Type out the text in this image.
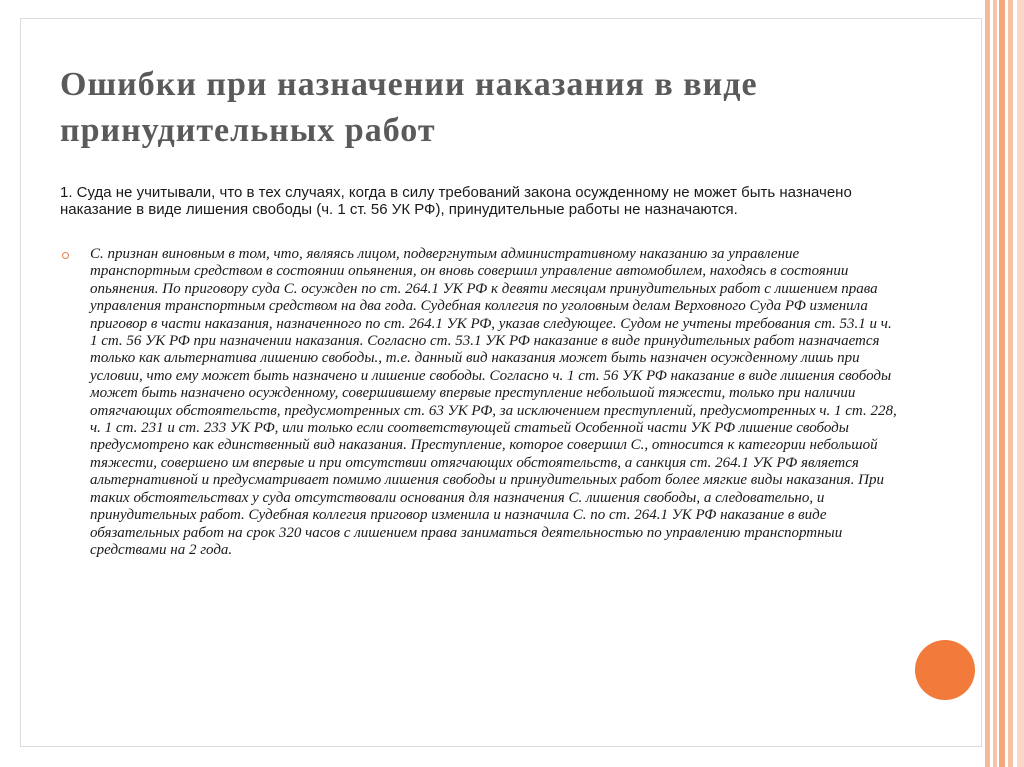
Ошибки при назначении наказания в виде принудительных работ

1. Суда не учитывали, что в тех случаях, когда в силу требований закона осужденному не может быть назначено наказание в виде лишения свободы (ч. 1 ст. 56 УК РФ), принудительные работы не назначаются.

С. признан виновным в том, что, являясь лицом, подвергнутым административному наказанию за управление транспортным средством в состоянии опьянения, он вновь совершил управление автомобилем, находясь в состоянии опьянения. По приговору суда С. осужден по ст. 264.1 УК РФ к девяти месяцам принудительных работ с лишением права управления транспортным средством на два года. Судебная коллегия по уголовным делам Верховного Суда РФ изменила приговор в части наказания, назначенного по ст. 264.1 УК РФ, указав следующее. Судом не учтены требования ст. 53.1 и ч. 1 ст. 56 УК РФ при назначении наказания. Согласно ст. 53.1 УК РФ наказание в виде принудительных работ назначается только как альтернатива лишению свободы., т.е. данный вид наказания может быть назначен осужденному лишь при условии, что ему может быть назначено и лишение свободы. Согласно ч. 1 ст. 56 УК РФ наказание в виде лишения свободы может быть назначено осужденному, совершившему впервые преступление небольшой тяжести, только при наличии отягчающих обстоятельств, предусмотренных ст. 63 УК РФ, за исключением преступлений, предусмотренных ч. 1 ст. 228, ч. 1 ст. 231 и ст. 233 УК РФ, или только если соответствующей статьей Особенной части УК РФ лишение свободы предусмотрено как единственный вид наказания. Преступление, которое совершил С., относится к категории небольшой тяжести, совершено им впервые и при отсутствии отягчающих обстоятельств, а санкция ст. 264.1 УК РФ является альтернативной и предусматривает помимо лишения свободы и принудительных работ более мягкие виды наказания. При таких обстоятельствах у суда отсутствовали основания для назначения С. лишения свободы, а следовательно, и принудительных работ. Судебная коллегия приговор изменила и назначила С. по ст. 264.1 УК РФ наказание в виде обязательных работ на срок 320 часов с лишением права заниматься деятельностью по управлению транспортныи средствами на 2 года.
